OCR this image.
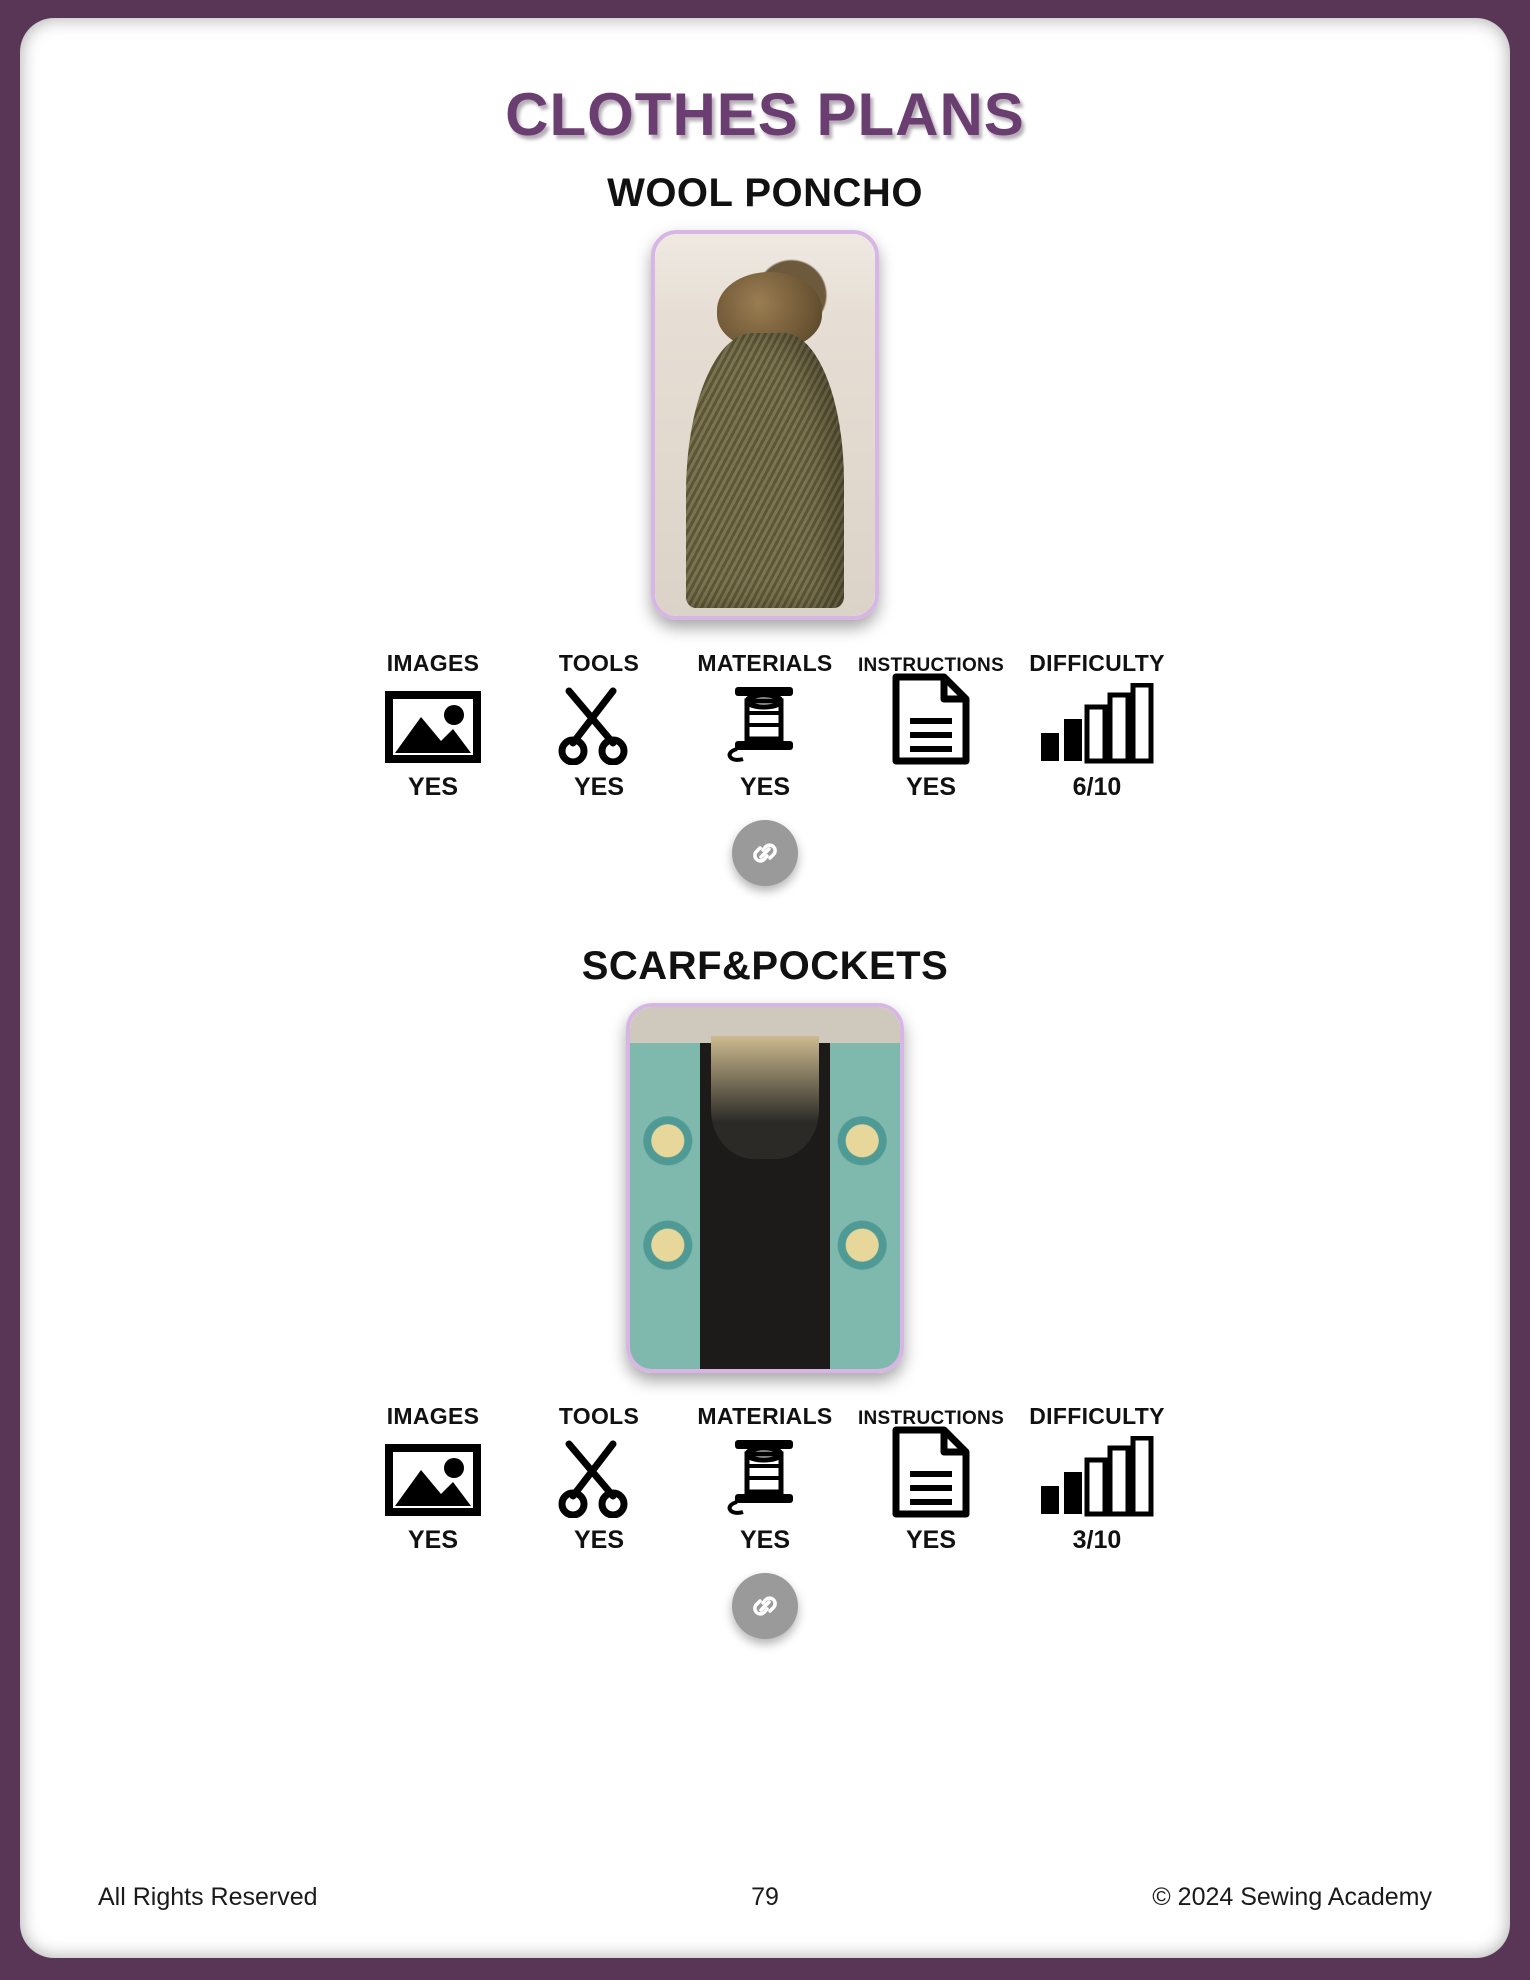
CLOTHES PLANS
WOOL PONCHO
IMAGES
YES
TOOLS
YES
MATERIALS
YES
INSTRUCTIONS
YES
DIFFICULTY
6/10
SCARF&POCKETS
IMAGES
YES
TOOLS
YES
MATERIALS
YES
INSTRUCTIONS
YES
DIFFICULTY
3/10
All Rights Reserved	79	© 2024 Sewing Academy
